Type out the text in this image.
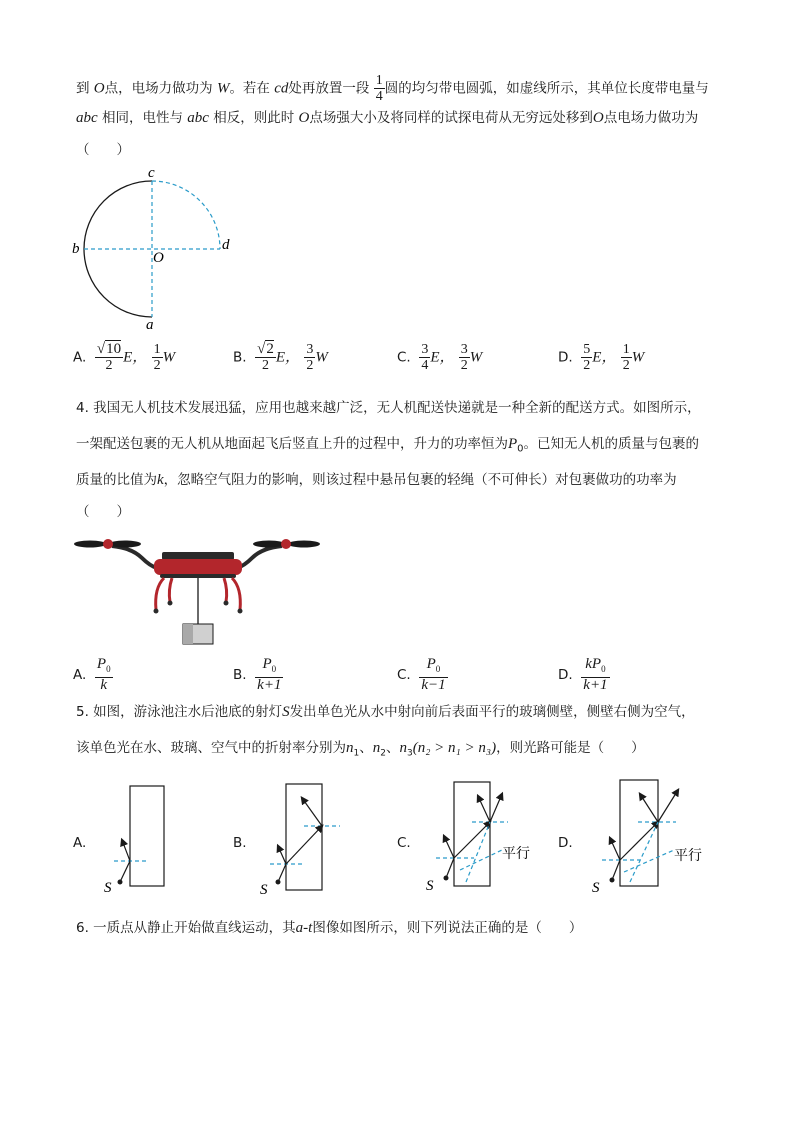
到 O点，电场力做功为 W。若在 cd处再放置一段 $\frac{1}{4}$ 圆的均匀带电圆弧，如虚线所示，其单位长度带电量与
abc 相同，电性与 abc 相反，则此时 O点场强大小及将同样的试探电荷从无穷远处移到O点电场力做功为
（　　）
c
b
O
d
a
A. $\frac{√10}{2}$ E， $\frac{1}{2}$ W	B. $\frac{√2}{2}$ E， $\frac{3}{2}$ W	C. $\frac{3}{4}$ E， $\frac{3}{2}$ W	D. $\frac{5}{2}$ E， $\frac{1}{2}$ W
4. 我国无人机技术发展迅猛，应用也越来越广泛，无人机配送快递就是一种全新的配送方式。如图所示，
一架配送包裹的无人机从地面起飞后竖直上升的过程中，升力的功率恒为$P_0$。已知无人机的质量与包裹的
质量的比值为k，忽略空气阻力的影响，则该过程中悬吊包裹的轻绳（不可伸长）对包裹做功的功率为
（　　）
A. $\frac{P_0}{k}$	B. $\frac{P_0}{k+1}$	C. $\frac{P_0}{k-1}$	D. $\frac{kP_0}{k+1}$
5. 如图，游泳池注水后池底的射灯S发出单色光从水中射向前后表面平行的玻璃侧壁，侧壁右侧为空气，
该单色光在水、玻璃、空气中的折射率分别为$n_1$、$n_2$、$n_3(n_2 > n_1 > n_3)$，则光路可能是（　　）
A.	B.	C.	D.
S	S	S
平行
S
平行
6. 一质点从静止开始做直线运动，其a-t图像如图所示，则下列说法正确的是（　　）
